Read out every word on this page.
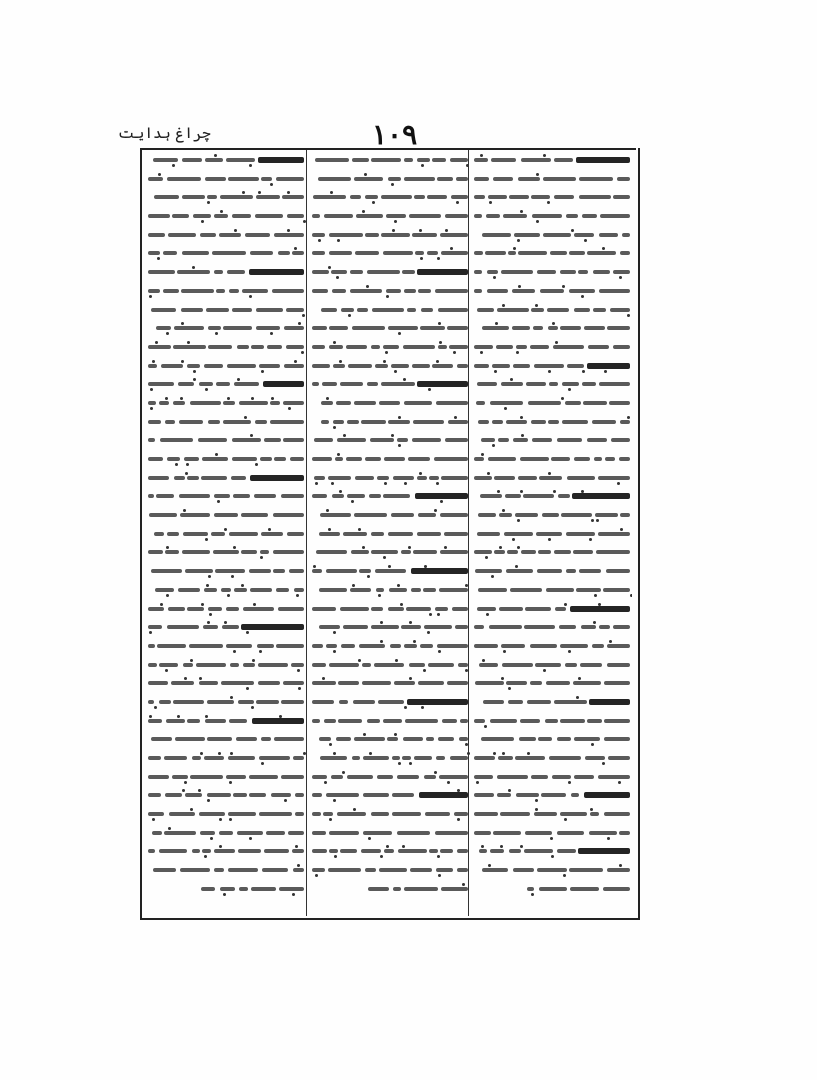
چراغ ہدایت	۱۰۹
